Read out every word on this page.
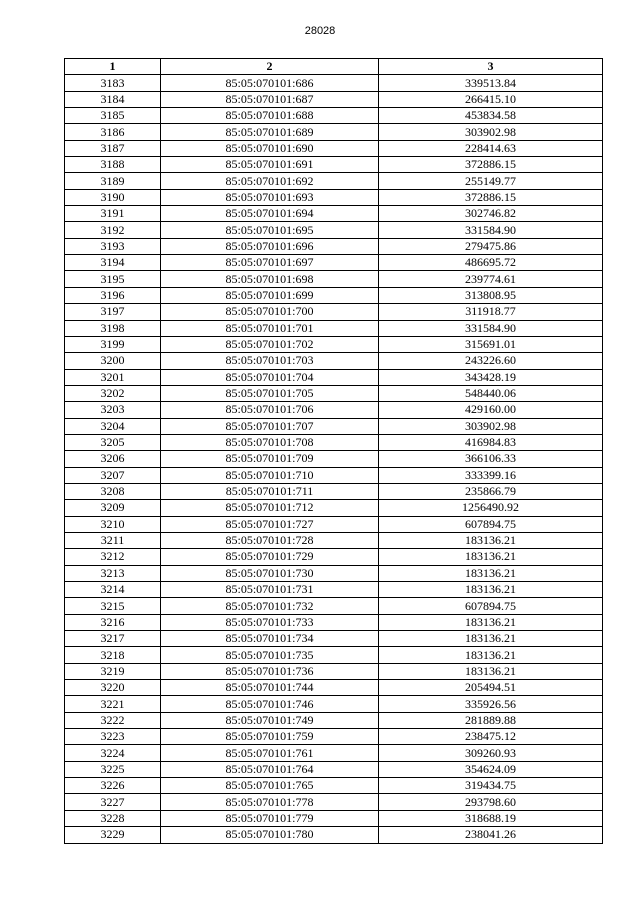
28028
1	2	3
3183	85:05:070101:686	339513.84
3184	85:05:070101:687	266415.10
3185	85:05:070101:688	453834.58
3186	85:05:070101:689	303902.98
3187	85:05:070101:690	228414.63
3188	85:05:070101:691	372886.15
3189	85:05:070101:692	255149.77
3190	85:05:070101:693	372886.15
3191	85:05:070101:694	302746.82
3192	85:05:070101:695	331584.90
3193	85:05:070101:696	279475.86
3194	85:05:070101:697	486695.72
3195	85:05:070101:698	239774.61
3196	85:05:070101:699	313808.95
3197	85:05:070101:700	311918.77
3198	85:05:070101:701	331584.90
3199	85:05:070101:702	315691.01
3200	85:05:070101:703	243226.60
3201	85:05:070101:704	343428.19
3202	85:05:070101:705	548440.06
3203	85:05:070101:706	429160.00
3204	85:05:070101:707	303902.98
3205	85:05:070101:708	416984.83
3206	85:05:070101:709	366106.33
3207	85:05:070101:710	333399.16
3208	85:05:070101:711	235866.79
3209	85:05:070101:712	1256490.92
3210	85:05:070101:727	607894.75
3211	85:05:070101:728	183136.21
3212	85:05:070101:729	183136.21
3213	85:05:070101:730	183136.21
3214	85:05:070101:731	183136.21
3215	85:05:070101:732	607894.75
3216	85:05:070101:733	183136.21
3217	85:05:070101:734	183136.21
3218	85:05:070101:735	183136.21
3219	85:05:070101:736	183136.21
3220	85:05:070101:744	205494.51
3221	85:05:070101:746	335926.56
3222	85:05:070101:749	281889.88
3223	85:05:070101:759	238475.12
3224	85:05:070101:761	309260.93
3225	85:05:070101:764	354624.09
3226	85:05:070101:765	319434.75
3227	85:05:070101:778	293798.60
3228	85:05:070101:779	318688.19
3229	85:05:070101:780	238041.26
